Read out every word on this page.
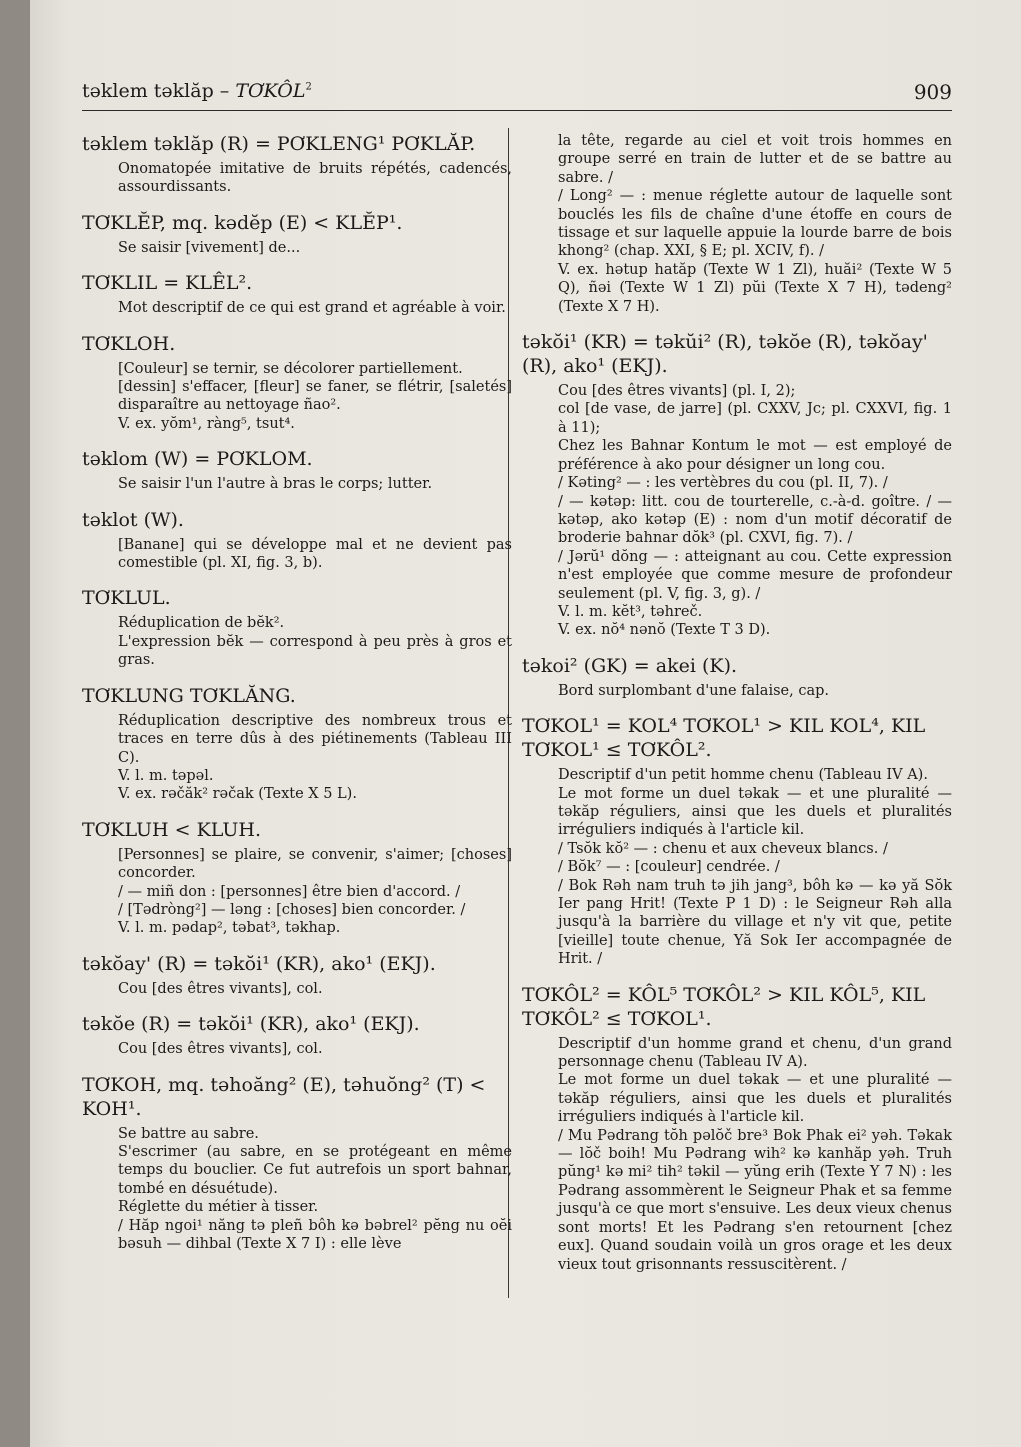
təklem təklăp – TƠKÔL$^2$	909
təklem təklăp (R) = PƠKLENG¹ PƠKLĂP.

Onomatopée imitative de bruits répétés, cadencés, assourdissants.

TƠKLĔP, mq. kədĕp (E) < KLĔP¹.

Se saisir [vivement] de...

TƠKLIL = KLÊL².

Mot descriptif de ce qui est grand et agréable à voir.

TƠKLOH.

[Couleur] se ternir, se décolorer partiellement.

[dessin] s'effacer, [fleur] se faner, se flétrir, [saletés] disparaître au nettoyage ñao².

V. ex. yŏm¹, ràng⁵, tsut⁴.

təklom (W) = PƠKLOM.

Se saisir l'un l'autre à bras le corps; lutter.

təklot (W).

[Banane] qui se développe mal et ne devient pas comestible (pl. XI, fig. 3, b).

TƠKLUL.

Réduplication de bĕk².

L'expression bĕk — correspond à peu près à gros et gras.

TƠKLUNG TƠKLĂNG.

Réduplication descriptive des nombreux trous et traces en terre dûs à des piétinements (Tableau III C).

V. l. m. təpəl.

V. ex. rəčăk² rəčak (Texte X 5 L).

TƠKLUH < KLUH.

[Personnes] se plaire, se convenir, s'aimer; [choses] concorder.

/ — miñ don : [personnes] être bien d'accord. /

/ [Tədròng²] — ləng : [choses] bien concorder. /

V. l. m. pədap², təbat³, təkhap.

təkŏay' (R) = təkŏi¹ (KR), ako¹ (EKJ).

Cou [des êtres vivants], col.

təkŏe (R) = təkŏi¹ (KR), ako¹ (EKJ).

Cou [des êtres vivants], col.

TƠKOH, mq. təhoăng² (E), təhuŏng² (T) < KOH¹.

Se battre au sabre.

S'escrimer (au sabre, en se protégeant en même temps du bouclier. Ce fut autrefois un sport bahnar, tombé en désuétude).

Réglette du métier à tisser.

/ Hăp ngoi¹ năng tə pleñ bôh kə bəbrel² pĕng nu oĕi bəsuh — dihbal (Texte X 7 I) : elle lève

la tête, regarde au ciel et voit trois hommes en groupe serré en train de lutter et de se battre au sabre. /

/ Long² — : menue réglette autour de laquelle sont bouclés les fils de chaîne d'une étoffe en cours de tissage et sur laquelle appuie la lourde barre de bois khong² (chap. XXI, § E; pl. XCIV, f). /

V. ex. hətup hatăp (Texte W 1 Zl), huăi² (Texte W 5 Q), ñəi (Texte W 1 Zl) pŭi (Texte X 7 H), tədeng² (Texte X 7 H).

təkŏi¹ (KR) = təkŭi² (R), təkŏe (R), təkŏay' (R), ako¹ (EKJ).

Cou [des êtres vivants] (pl. I, 2);

col [de vase, de jarre] (pl. CXXV, Jc; pl. CXXVI, fig. 1 à 11);

Chez les Bahnar Kontum le mot — est employé de préférence à ako pour désigner un long cou.

/ Kəting² — : les vertèbres du cou (pl. II, 7). /

/ — kətəp: litt. cou de tourterelle, c.-à-d. goître. / — kətəp, ako kətəp (E) : nom d'un motif décoratif de broderie bahnar dŏk³ (pl. CXVI, fig. 7). /

/ Jərŭ¹ dŏng — : atteignant au cou. Cette expression n'est employée que comme mesure de profondeur seulement (pl. V, fig. 3, g). /

V. l. m. kĕt³, təhreč.

V. ex. nŏ⁴ nənŏ (Texte T 3 D).

təkoi² (GK) = akei (K).

Bord surplombant d'une falaise, cap.

TƠKOL¹ = KOL⁴ TƠKOL¹ > KIL KOL⁴, KIL TƠKOL¹ ≤ TƠKÔL².

Descriptif d'un petit homme chenu (Tableau IV A).

Le mot forme un duel təkak — et une pluralité — təkăp réguliers, ainsi que les duels et pluralités irréguliers indiqués à l'article kil.

/ Tsŏk kŏ² — : chenu et aux cheveux blancs. /

/ Bŏk⁷ — : [couleur] cendrée. /

/ Bok Rəh nam truh tə jih jang³, bôh kə — kə yă Sŏk Ier pang Hrit! (Texte P 1 D) : le Seigneur Rəh alla jusqu'à la barrière du village et n'y vit que, petite [vieille] toute chenue, Yă Sok Ier accompagnée de Hrit. /

TƠKÔL² = KÔL⁵ TƠKÔL² > KIL KÔL⁵, KIL TƠKÔL² ≤ TƠKOL¹.

Descriptif d'un homme grand et chenu, d'un grand personnage chenu (Tableau IV A).

Le mot forme un duel təkak — et une pluralité — təkăp réguliers, ainsi que les duels et pluralités irréguliers indiqués à l'article kil.

/ Mu Pədrang tŏh pəlŏč bre³ Bok Phak ei² yəh. Təkak — lŏč boih! Mu Pədrang wih² kə kanhăp yəh. Truh pŭng¹ kə mi² tih² təkil — yŭng erih (Texte Y 7 N) : les Pədrang assommèrent le Seigneur Phak et sa femme jusqu'à ce que mort s'ensuive. Les deux vieux chenus sont morts! Et les Pədrang s'en retournent [chez eux]. Quand soudain voilà un gros orage et les deux vieux tout grisonnants ressuscitèrent. /
